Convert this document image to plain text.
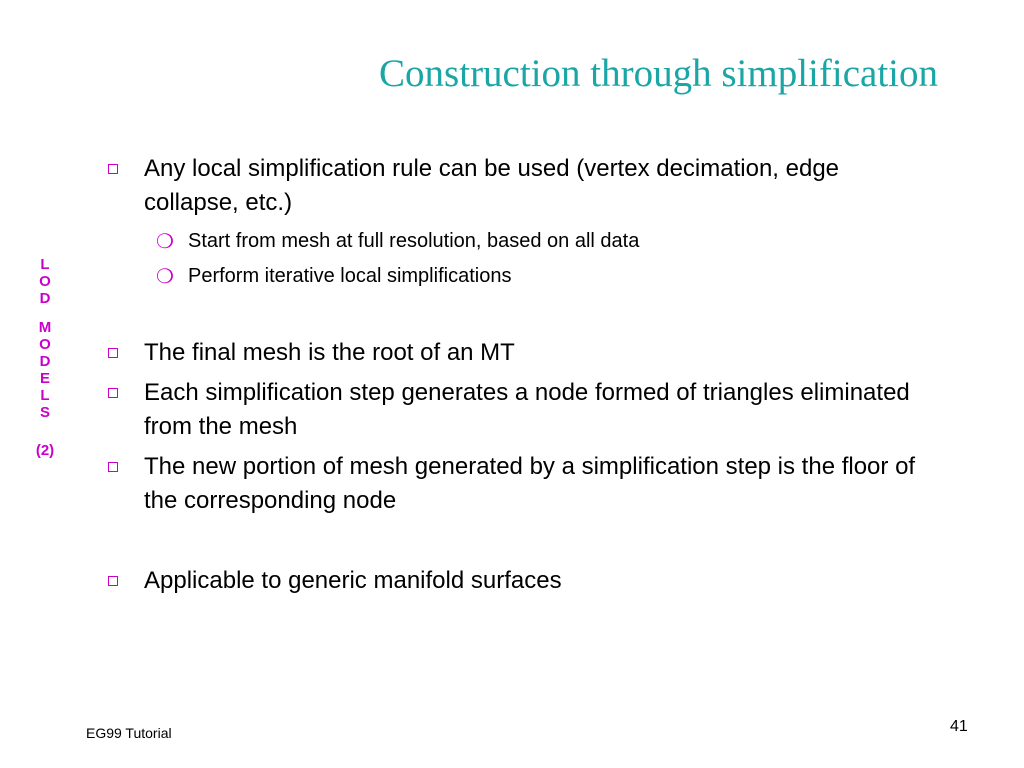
Construction through simplification
L
O
D
M
O
D
E
L
S
(2)
Any local simplification rule can be used (vertex decimation, edge collapse, etc.)
❍ Start from mesh at full resolution, based on all data
❍ Perform iterative local simplifications
The final mesh is the root of an MT
Each simplification step generates a node formed of triangles eliminated from the mesh
The new portion of mesh generated by a simplification step is the floor of the corresponding node
Applicable to generic manifold surfaces
EG99 Tutorial	41
